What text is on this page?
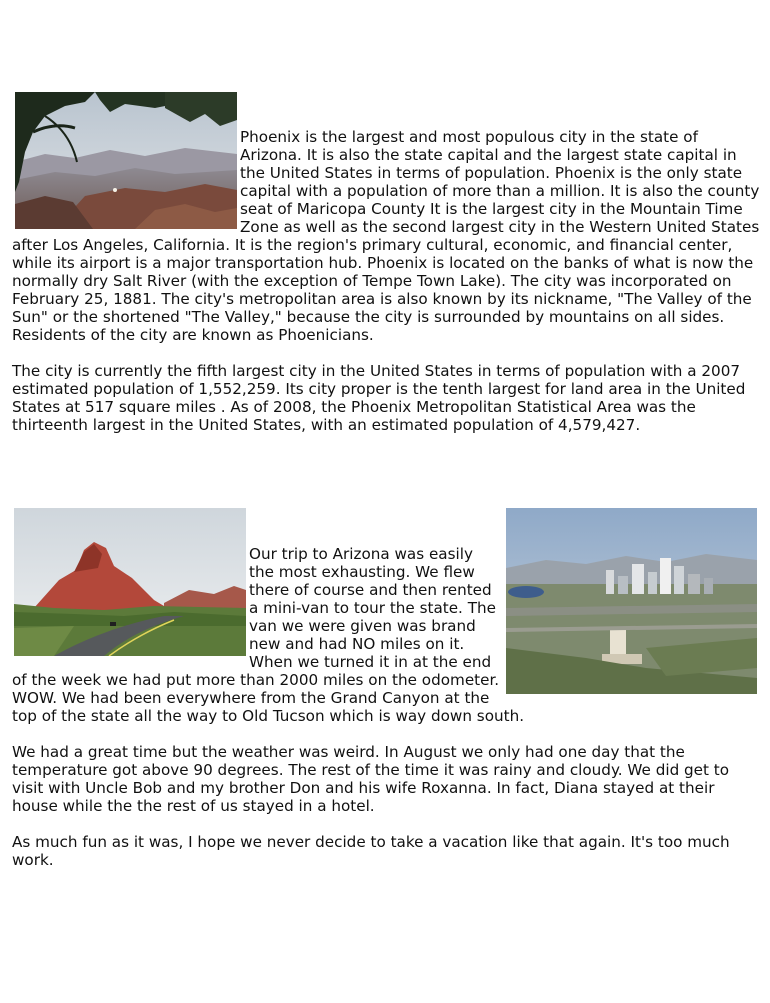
Phoenix is the largest and most populous city in the state of Arizona. It is also the state capital and the largest state capital in the United States in terms of population. Phoenix is the only state capital with a population of more than a million. It is also the county seat of Maricopa County It is the largest city in the Mountain Time Zone as well as the second largest city in the Western United States after Los Angeles, California. It is the region's primary cultural, economic, and financial center, while its airport is a major transportation hub. Phoenix is located on the banks of what is now the normally dry Salt River (with the exception of Tempe Town Lake). The city was incorporated on February 25, 1881. The city's metropolitan area is also known by its nickname, "The Valley of the Sun" or the shortened "The Valley," because the city is surrounded by mountains on all sides. Residents of the city are known as Phoenicians.

The city is currently the fifth largest city in the United States in terms of population with a 2007 estimated population of 1,552,259. Its city proper is the tenth largest for land area in the United States at 517 square miles . As of 2008, the Phoenix Metropolitan Statistical Area was the thirteenth largest in the United States, with an estimated population of 4,579,427.

Our trip to Arizona was easily the most exhausting. We flew there of course and then rented a mini-van to tour the state. The van we were given was brand new and had NO miles on it. When we turned it in at the end of the week we had put more than 2000 miles on the odometer. WOW. We had been everywhere from the Grand Canyon at the top of the state all the way to Old Tucson which is way down south.

We had a great time but the weather was weird. In August we only had one day that the temperature got above 90 degrees. The rest of the time it was rainy and cloudy. We did get to visit with Uncle Bob and my brother Don and his wife Roxanna. In fact, Diana stayed at their house while the the rest of us stayed in a hotel.

As much fun as it was, I hope we never decide to take a vacation like that again. It's too much work.
